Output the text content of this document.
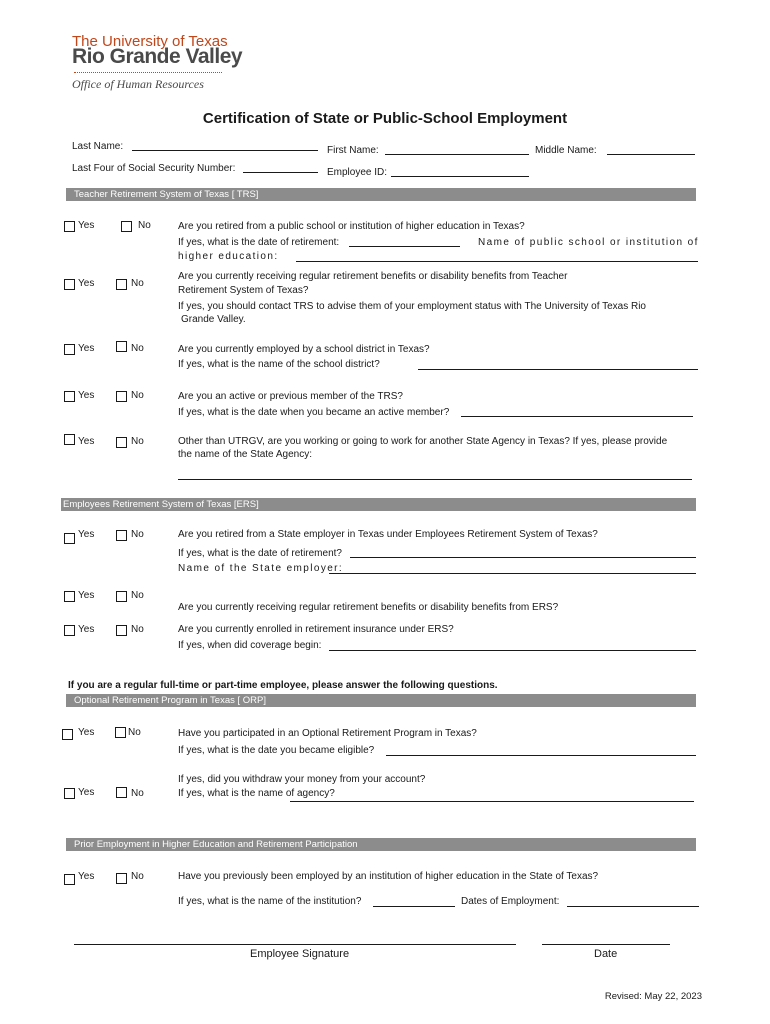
The University of Texas
Rio Grande Valley
Office of Human Resources
Certification of State or Public-School Employment
Last Name:	First Name:	Middle Name:
Last Four of Social Security Number:	Employee ID:
Teacher Retirement System of Texas [ TRS]
Yes	No	Are you retired from a public school or institution of higher education in Texas?
If yes, what is the date of retirement:	Name of public school or institution of
higher education:
Yes	No
Are you currently receiving regular retirement benefits or disability benefits from Teacher
Retirement System of Texas?
If yes, you should contact TRS to advise them of your employment status with The University of Texas Rio
Grande Valley.
Yes	No	Are you currently employed by a school district in Texas?
If yes, what is the name of the school district?
Yes	No	Are you an active or previous member of the TRS?
If yes, what is the date when you became an active member?
Yes	No	Other than UTRGV, are you working or going to work for another State Agency in Texas? If yes, please provide
the name of the State Agency:
Employees Retirement System of Texas [ERS]
Yes	No	Are you retired from a State employer in Texas under Employees Retirement System of Texas?
If yes, what is the date of retirement?
Name of the State employer:
Yes	No
Are you currently receiving regular retirement benefits or disability benefits from ERS?
Yes	No	Are you currently enrolled in retirement insurance under ERS?
If yes, when did coverage begin:
If you are a regular full-time or part-time employee, please answer the following questions.
Optional Retirement Program in Texas [ ORP]
Yes	No	Have you participated in an Optional Retirement Program in Texas?
If yes, what is the date you became eligible?
If yes, did you withdraw your money from your account?
Yes	No	If yes, what is the name of agency?
Prior Employment in Higher Education and Retirement Participation
Yes	No	Have you previously been employed by an institution of higher education in the State of Texas?
If yes, what is the name of the institution?	Dates of Employment:
Employee Signature	Date
Revised: May 22, 2023
